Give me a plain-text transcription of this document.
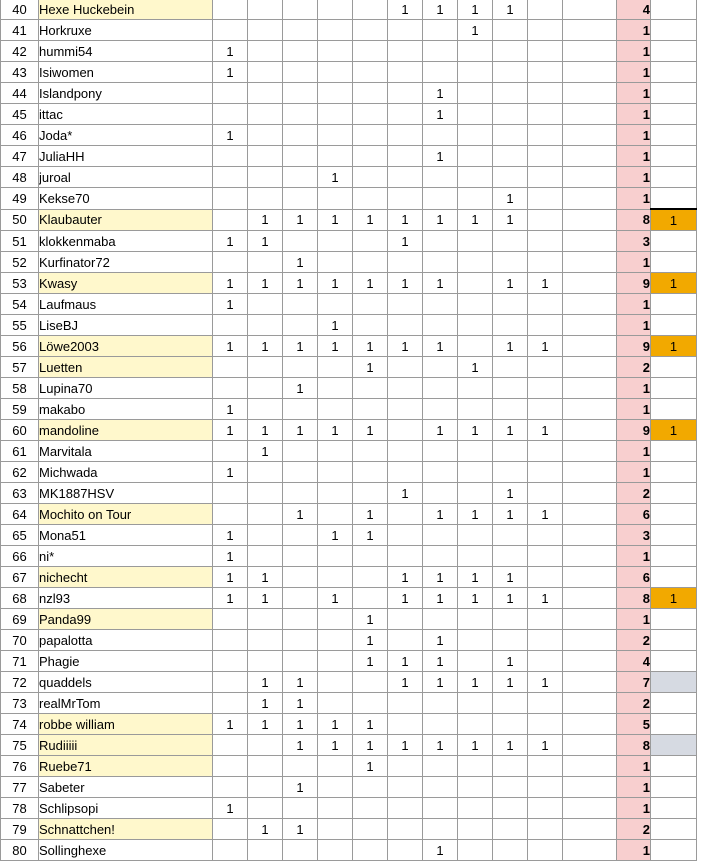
40	Hexe Huckebein						1	1	1	1			4	
41	Horkruxe								1				1	
42	hummi54	1											1	
43	Isiwomen	1											1	
44	Islandpony							1					1	
45	ittac							1					1	
46	Joda*	1											1	
47	JuliaHH							1					1	
48	juroal				1								1	
49	Kekse70									1			1	
50	Klaubauter		1	1	1	1	1	1	1	1			8	1
51	klokkenmaba	1	1				1						3	
52	Kurfinator72			1									1	
53	Kwasy	1	1	1	1	1	1	1		1	1		9	1
54	Laufmaus	1											1	
55	LiseBJ				1								1	
56	Löwe2003	1	1	1	1	1	1	1		1	1		9	1
57	Luetten					1			1				2	
58	Lupina70			1									1	
59	makabo	1											1	
60	mandoline	1	1	1	1	1		1	1	1	1		9	1
61	Marvitala		1										1	
62	Michwada	1											1	
63	MK1887HSV						1			1			2	
64	Mochito on Tour			1		1		1	1	1	1		6	
65	Mona51	1			1	1							3	
66	ni*	1											1	
67	nichecht	1	1				1	1	1	1			6	
68	nzl93	1	1		1		1	1	1	1	1		8	1
69	Panda99					1							1	
70	papalotta					1		1					2	
71	Phagie					1	1	1		1			4	
72	quaddels		1	1			1	1	1	1	1		7	
73	realMrTom		1	1									2	
74	robbe william	1	1	1	1	1							5	
75	Rudiiiii			1	1	1	1	1	1	1	1		8	
76	Ruebe71					1							1	
77	Sabeter			1									1	
78	Schlipsopi	1											1	
79	Schnattchen!		1	1									2	
80	Sollinghexe							1					1	
